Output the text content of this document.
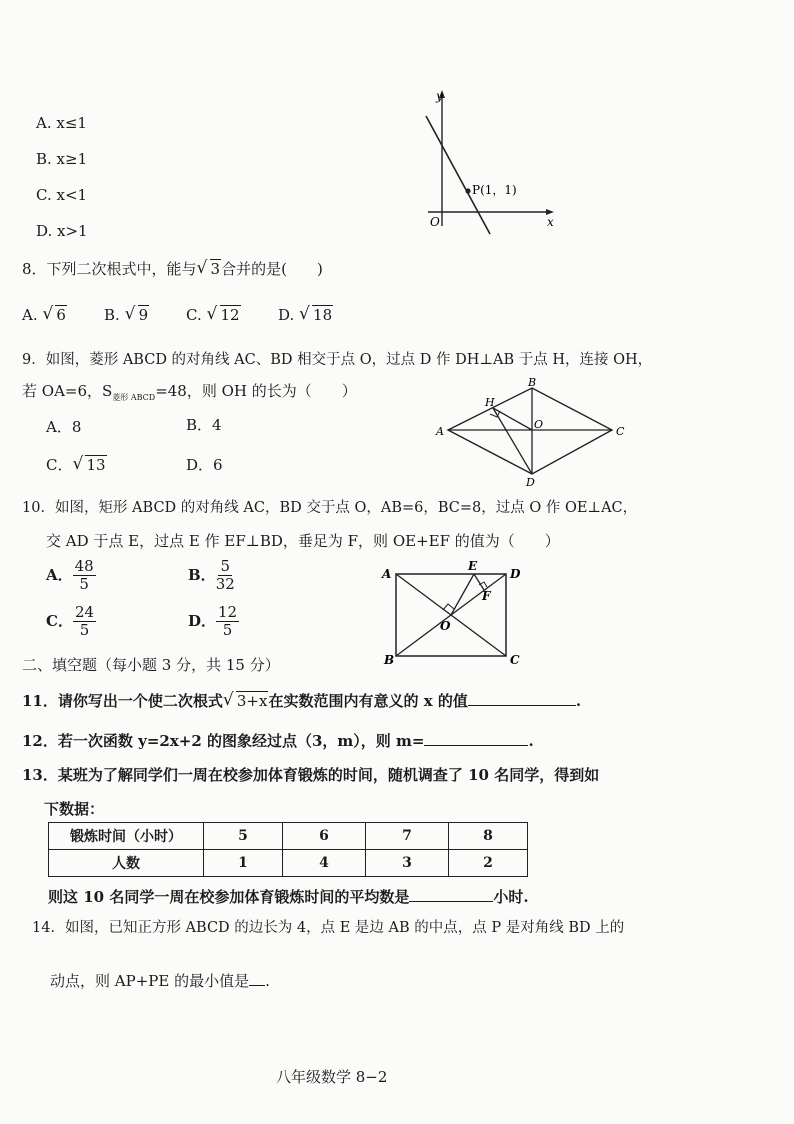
A. x≤1
B. x≥1
C. x<1
D. x>1
y
x
O
P(1，1)
8．下列二次根式中，能与 √ 3合并的是(　　)
A. √ 6	B. √ 9	C. √ 12	D. √ 18
9．如图，菱形 ABCD 的对角线 AC、BD 相交于点 O，过点 D 作 DH⊥AB 于点 H，连接 OH，
若 OA=6，$S_{菱形 ABCD}=48$，则 OH 的长为（　　）
A．8	B．4
C． √ 13	D．6
A
B
C
D
H
O
10．如图，矩形 ABCD 的对角线 AC，BD 交于点 O，AB=6，BC=8，过点 O 作 OE⊥AC，
交 AD 于点 E，过点 E 作 EF⊥BD，垂足为 F，则 OE+EF 的值为（　　）
A． $\frac{48}{5}$	B． $\frac{5}{32}$
C． $\frac{24}{5}$	D． $\frac{12}{5}$
A
B	C
D
E
F
O
二、填空题（每小题 3 分，共 15 分）
11．请你写出一个使二次根式 √ 3+x在实数范围内有意义的 x 的值	.
12．若一次函数 y=2x+2 的图象经过点（3，m），则 m=	.
13．某班为了解同学们一周在校参加体育锻炼的时间，随机调查了 10 名同学，得到如
下数据：
锻炼时间（小时）	5	6	7	8
人数	1	4	3	2
则这 10 名同学一周在校参加体育锻炼时间的平均数是	小时.
14．如图，已知正方形 ABCD 的边长为 4，点 E 是边 AB 的中点，点 P 是对角线 BD 上的
动点，则 AP+PE 的最小值是 .
八年级数学 8−2
